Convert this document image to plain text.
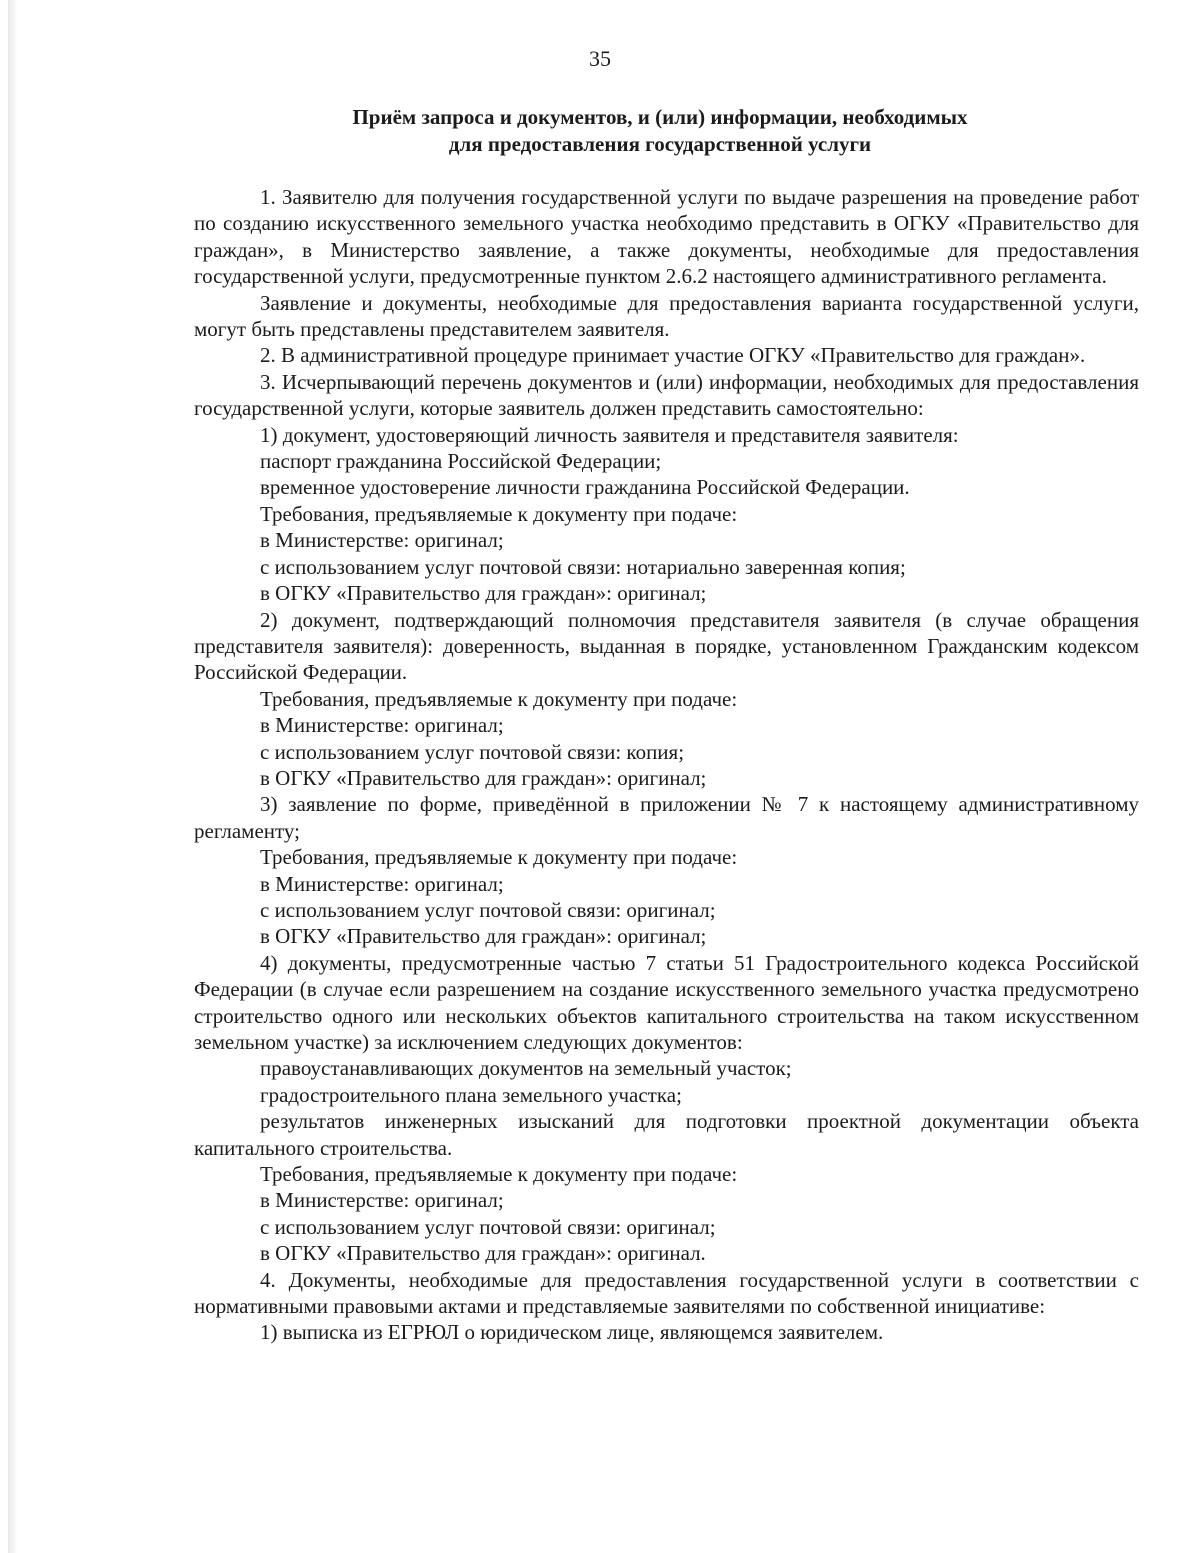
35
Приём запроса и документов, и (или) информации, необходимых
для предоставления государственной услуги

1. Заявителю для получения государственной услуги по выдаче разрешения на проведение работ по созданию искусственного земельного участка необходимо представить в ОГКУ «Правительство для граждан», в Министерство заявление, а также документы, необходимые для предоставления государственной услуги, предусмотренные пунктом 2.6.2 настоящего административного регламента.

Заявление и документы, необходимые для предоставления варианта государственной услуги, могут быть представлены представителем заявителя.

2. В административной процедуре принимает участие ОГКУ «Правительство для граждан».

3. Исчерпывающий перечень документов и (или) информации, необходимых для предоставления государственной услуги, которые заявитель должен представить самостоятельно:

1) документ, удостоверяющий личность заявителя и представителя заявителя:

паспорт гражданина Российской Федерации;

временное удостоверение личности гражданина Российской Федерации.

Требования, предъявляемые к документу при подаче:

в Министерстве: оригинал;

с использованием услуг почтовой связи: нотариально заверенная копия;

в ОГКУ «Правительство для граждан»: оригинал;

2) документ, подтверждающий полномочия представителя заявителя (в случае обращения представителя заявителя): доверенность, выданная в порядке, установленном Гражданским кодексом Российской Федерации.

Требования, предъявляемые к документу при подаче:

в Министерстве: оригинал;

с использованием услуг почтовой связи: копия;

в ОГКУ «Правительство для граждан»: оригинал;

3) заявление по форме, приведённой в приложении № 7 к настоящему административному регламенту;

Требования, предъявляемые к документу при подаче:

в Министерстве: оригинал;

с использованием услуг почтовой связи: оригинал;

в ОГКУ «Правительство для граждан»: оригинал;

4) документы, предусмотренные частью 7 статьи 51 Градостроительного кодекса Российской Федерации (в случае если разрешением на создание искусственного земельного участка предусмотрено строительство одного или нескольких объектов капитального строительства на таком искусственном земельном участке) за исключением следующих документов:

правоустанавливающих документов на земельный участок;

градостроительного плана земельного участка;

результатов инженерных изысканий для подготовки проектной документации объекта капитального строительства.

Требования, предъявляемые к документу при подаче:

в Министерстве: оригинал;

с использованием услуг почтовой связи: оригинал;

в ОГКУ «Правительство для граждан»: оригинал.

4. Документы, необходимые для предоставления государственной услуги в соответствии с нормативными правовыми актами и представляемые заявителями по собственной инициативе:

1) выписка из ЕГРЮЛ о юридическом лице, являющемся заявителем.
